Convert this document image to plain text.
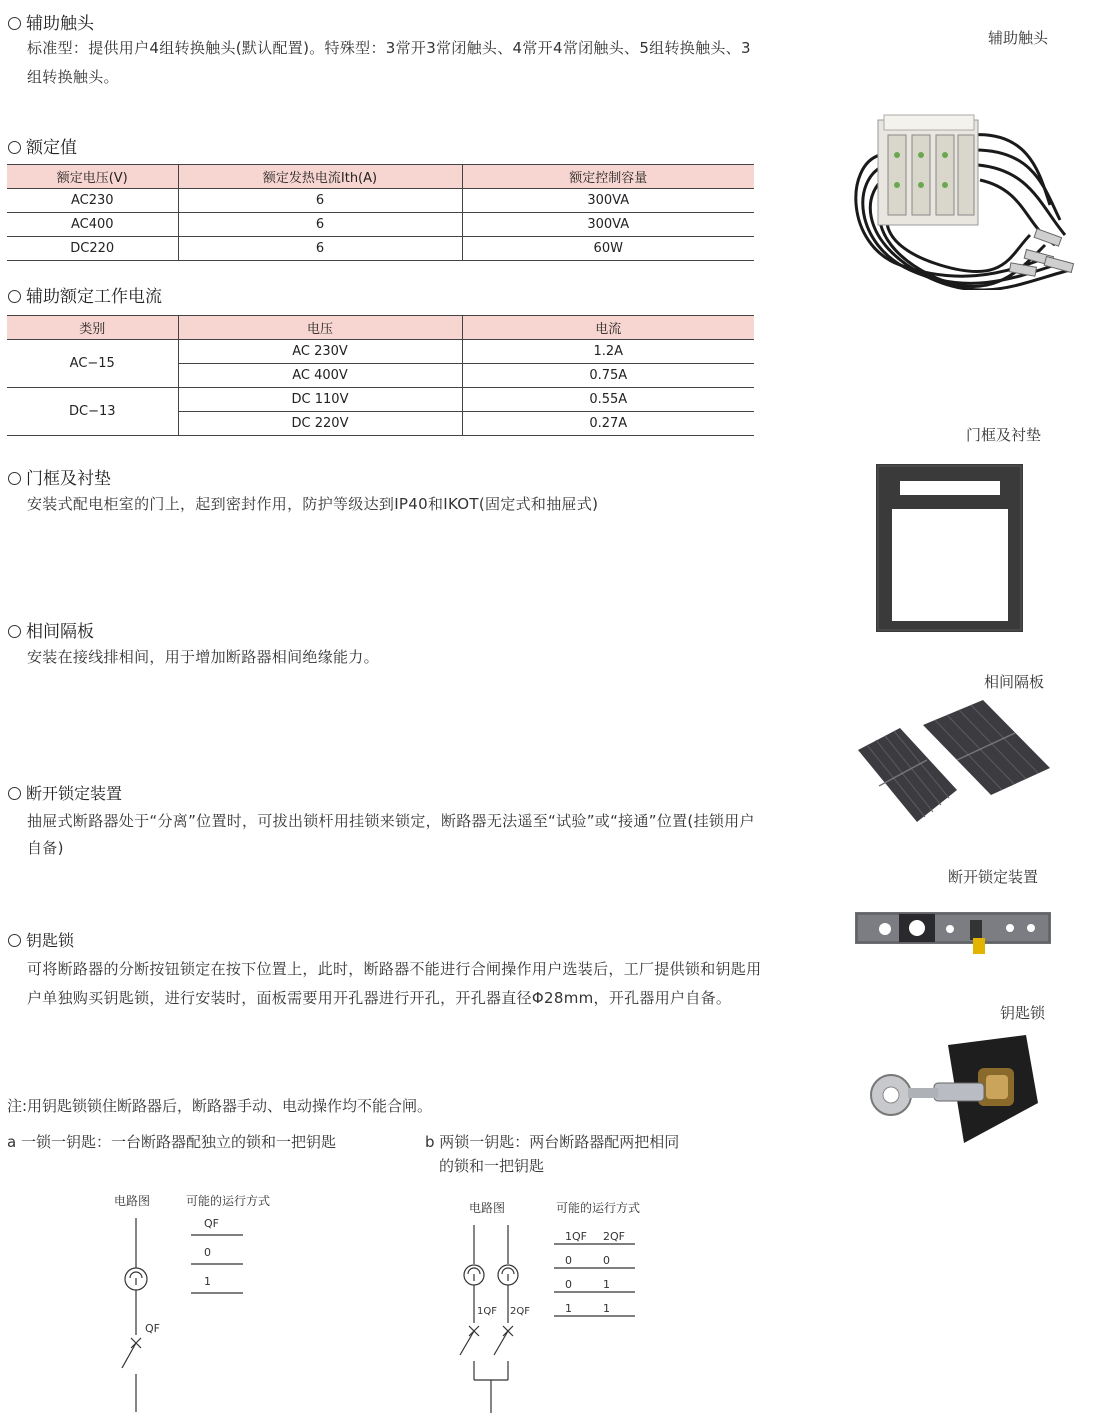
辅助触头
标准型：提供用户4组转换触头(默认配置)。特殊型：3常开3常闭触头、4常开4常闭触头、5组转换触头、3组转换触头。
辅助触头
额定值
额定电压(V)	额定发热电流Ith(A)	额定控制容量
AC230	6	300VA
AC400	6	300VA
DC220	6	60W
辅助额定工作电流
类别	电压	电流
AC−15	AC 230V	1.2A
	AC 400V	0.75A
DC−13	DC 110V	0.55A
	DC 220V	0.27A
门框及衬垫
安装式配电柜室的门上，起到密封作用，防护等级达到IP40和IKOT(固定式和抽屉式)
门框及衬垫
相间隔板
安装在接线排相间，用于增加断路器相间绝缘能力。
相间隔板
断开锁定装置
抽屉式断路器处于“分离”位置时，可拔出锁杆用挂锁来锁定，断路器无法遥至“试验”或“接通”位置(挂锁用户自备)
断开锁定装置
钥匙锁
可将断路器的分断按钮锁定在按下位置上，此时，断路器不能进行合闸操作用户选装后，工厂提供锁和钥匙用户单独购买钥匙锁，进行安装时，面板需要用开孔器进行开孔，开孔器直径Φ28mm，开孔器用户自备。
钥匙锁
注:用钥匙锁锁住断路器后，断路器手动、电动操作均不能合闸。
a 一锁一钥匙：一台断路器配独立的锁和一把钥匙
电路图	可能的运行方式
QF
0
1
QF
b 两锁一钥匙：两台断路器配两把相同
的锁和一把钥匙
电路图	可能的运行方式
1QF 2QF
0	0
0	1
1	1
1QF 2QF
